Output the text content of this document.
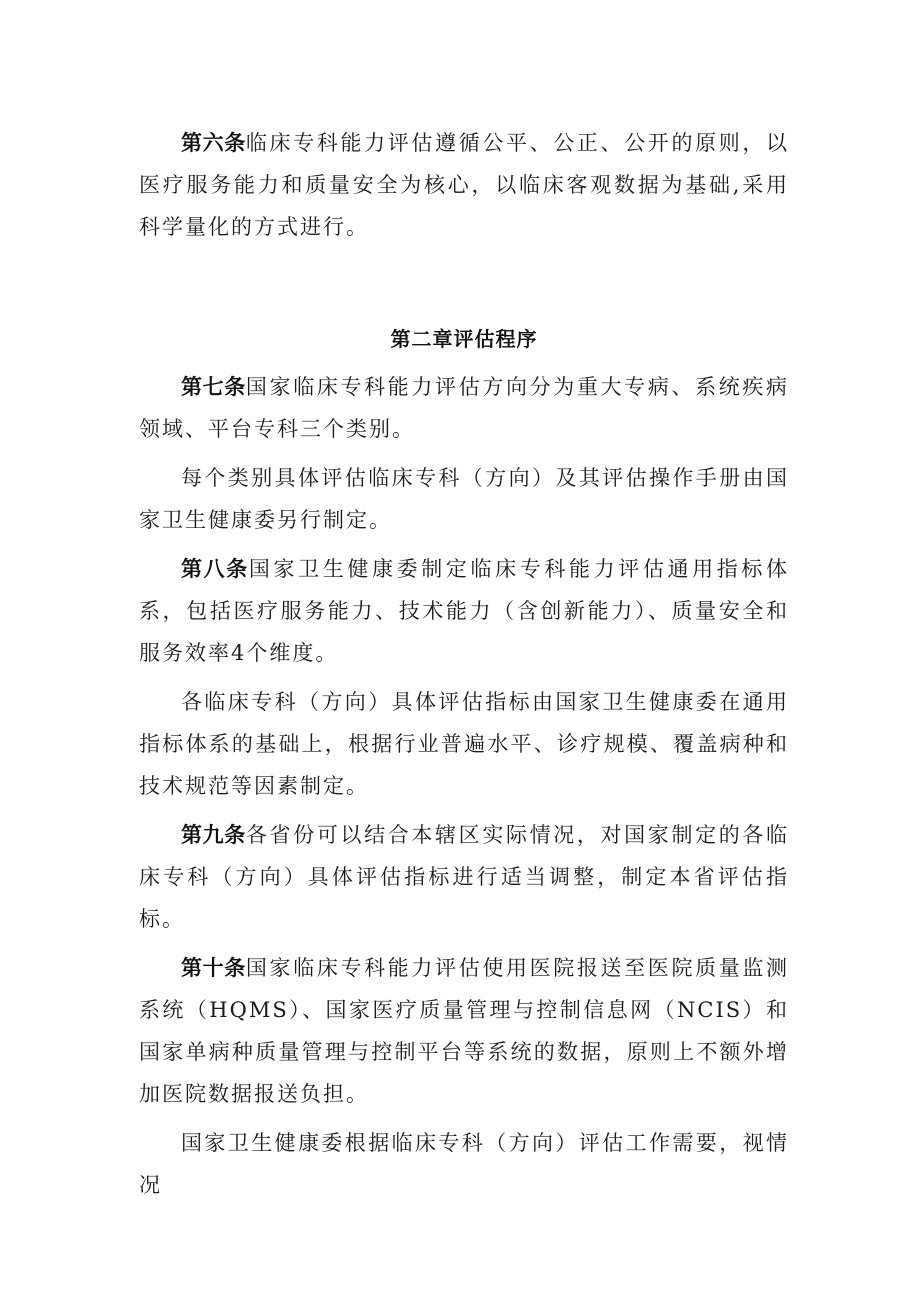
第六条临床专科能力评估遵循公平、公正、公开的原则，以医疗服务能力和质量安全为核心，以临床客观数据为基础,采用科学量化的方式进行。

第二章评估程序

第七条国家临床专科能力评估方向分为重大专病、系统疾病领域、平台专科三个类别。

每个类别具体评估临床专科（方向）及其评估操作手册由国家卫生健康委另行制定。

第八条国家卫生健康委制定临床专科能力评估通用指标体系，包括医疗服务能力、技术能力（含创新能力）、质量安全和服务效率4个维度。

各临床专科（方向）具体评估指标由国家卫生健康委在通用指标体系的基础上，根据行业普遍水平、诊疗规模、覆盖病种和技术规范等因素制定。

第九条各省份可以结合本辖区实际情况，对国家制定的各临床专科（方向）具体评估指标进行适当调整，制定本省评估指标。

第十条国家临床专科能力评估使用医院报送至医院质量监测系统（HQMS）、国家医疗质量管理与控制信息网（NCIS）和国家单病种质量管理与控制平台等系统的数据，原则上不额外增加医院数据报送负担。

国家卫生健康委根据临床专科（方向）评估工作需要，视情况
